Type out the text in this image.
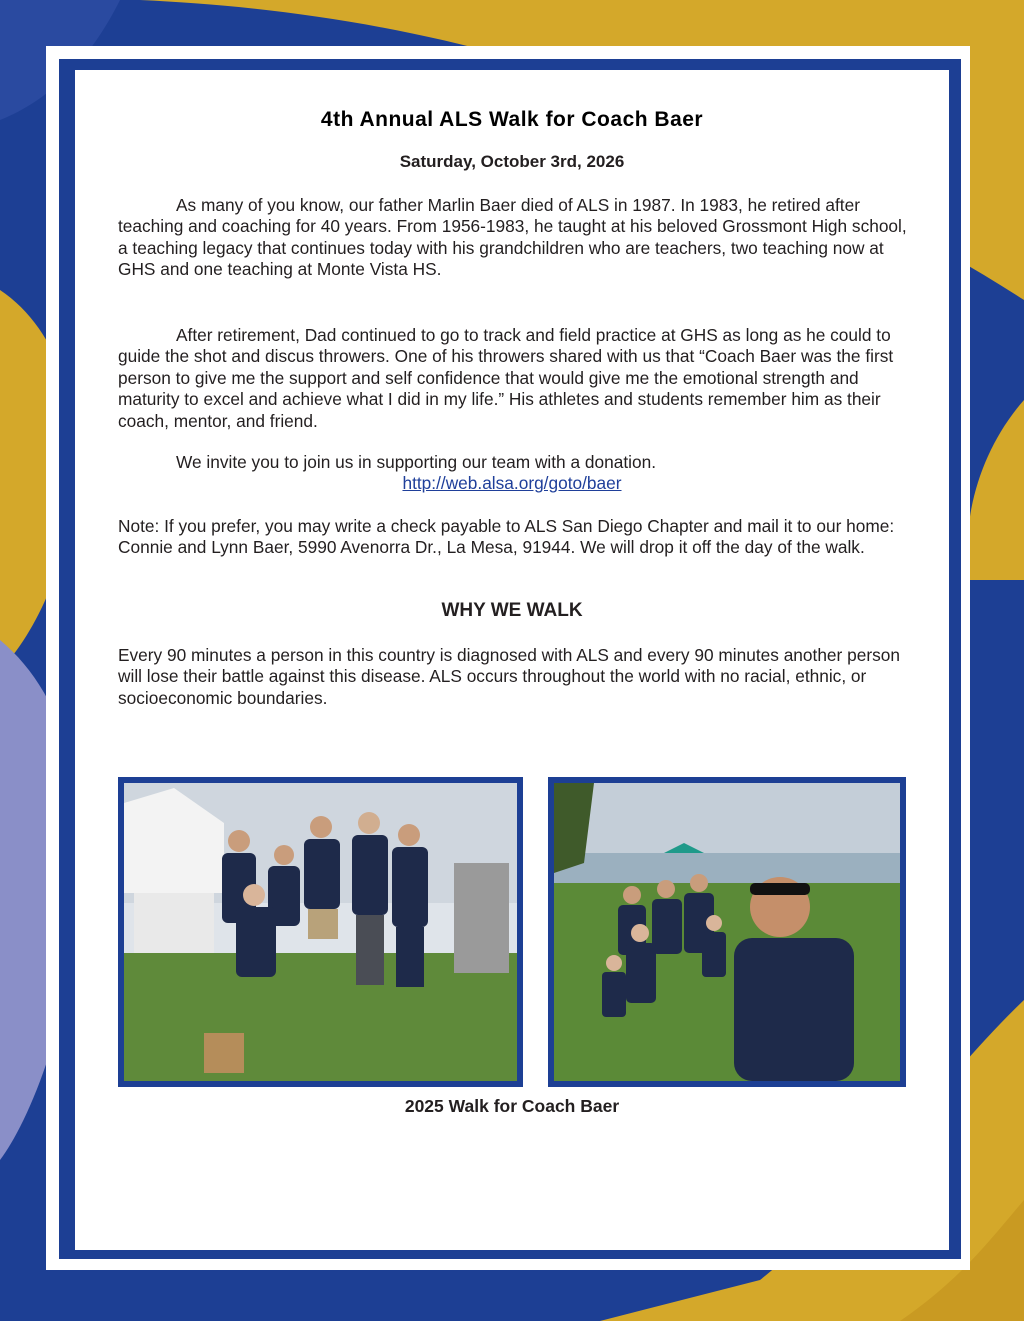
4th Annual ALS Walk for Coach Baer
Saturday, October 3rd, 2026

As many of you know, our father Marlin Baer died of ALS in 1987. In 1983, he retired after teaching and coaching for 40 years. From 1956-1983, he taught at his beloved Grossmont High school, a teaching legacy that continues today with his grandchildren who are teachers, two teaching now at GHS and one teaching at Monte Vista HS.

After retirement, Dad continued to go to track and field practice at GHS as long as he could to guide the shot and discus throwers. One of his throwers shared with us that “Coach Baer was the first person to give me the support and self confidence that would give me the emotional strength and maturity to excel and achieve what I did in my life.” His athletes and students remember him as their coach, mentor, and friend.

We invite you to join us in supporting our team with a donation.

http://web.alsa.org/goto/baer

Note: If you prefer, you may write a check payable to ALS San Diego Chapter and mail it to our home: Connie and Lynn Baer, 5990 Avenorra Dr., La Mesa, 91944. We will drop it off the day of the walk.

WHY WE WALK

Every 90 minutes a person in this country is diagnosed with ALS and every 90 minutes another person will lose their battle against this disease. ALS occurs throughout the world with no racial, ethnic, or socioeconomic boundaries.

2025 Walk for Coach Baer
